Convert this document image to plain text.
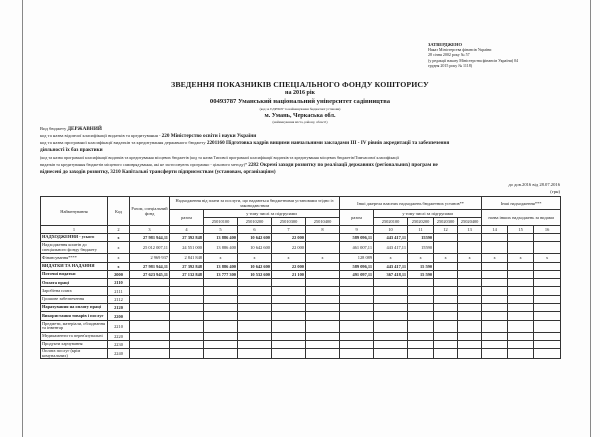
ЗАТВЕРДЖЕНО
Наказ Міністерства фінансів України
28 січня 2002 року № 57
(у редакції наказу Міністерства фінансів України) 04
грудня 2015 року № 1118)
ЗВЕДЕННЯ ПОКАЗНИКІВ СПЕЦІАЛЬНОГО ФОНДУ КОШТОРИСУ
на 2016 рік
00493787 Уманський національний університет садівництва
(код за ЄДРПОУ та найменування бюджетної установи)
м. Умань, Черкаська обл.
(найменування міста, району, області)
Вид бюджету ДЕРЖАВНИЙ
код та назва відомчої класифікації видатків та кредитування - 220 Міністерство освіти і науки України
код та назва програмної класифікації видатків та кредитування державного бюджету 2201160 Підготовка кадрів вищими навчальними закладами ІІІ - ІV рівнів акредитації та забезпечення
діяльності їх баз практики
(код та назва програмної класифікації видатків та кредитування місцевих бюджетів (код та назва Типової програмної класифікації видатків та кредитування місцевих бюджетів/Тимчасової класифікації
видатків та кредитування бюджетів місцевого самоврядування, які не застосовують програмно - цільового методу)* 2282 Окремі заходи розвитку по реалізації державних (регіональних) програм не
віднесені до заходів розвитку, 3210 Капітальні трансферти підприємствам (установам, організаціям)
до дов.2016 від 28.07.2016
(грн)
Найменування	Код	Разом, спеціальний фонд	Надходження від плати за послуги, що надаються бюджетними установами згідно із законодавством					Інші джерела власних надходжень бюджетних установ**					Інші надходження***		
			разом	у тому числі за підгрупами				разом	у тому числі за підгрупами				назва інших надходжень за видами		
				25010100	25010200	25010300	25010400		25020100	25020200	25020300	25020400			

1	2	3	4	5	6	7	8	9	10	11	12	13	14	15	16
НАДХОДЖЕННЯ - усього	x	27 981 944,11	27 392 848	13 886 400	10 642 600	22 000		589 096,11	443 417,11	15590					
Надходження коштів до спеціального фонду бюджету	x	25 012 007,11	24 551 000	13 886 400	10 642 600	22 000		461 007,11	443 417,11	15590					
Фінансування****	x	2 969 937	2 841 848	x	x	x	x	128 089	x	x	x	x	x	x	x
ВИДАТКИ ТА НАДАННЯ	x	27 981 944,11	27 392 848	13 886 400	10 642 600	22 000		589 096,11	443 417,11	15 590					
Поточні видатки	2000	27 623 945,11	27 132 848	13 777 300	10 532 600	21 100		491 097,11	367 418,11	15 590					
Оплата праці	2110														
Заробітна плата	2111														
Грошове забезпечення	2112														
Нарахування на оплату праці	2120														
Використання товарів і послуг	2200														
Предмети, матеріали, обладнання та інвентар	2210														
Медикаменти та перев'язувальні	2220														
Продукти харчування	2230														
Оплата послуг (крім комунальних)	2240														
